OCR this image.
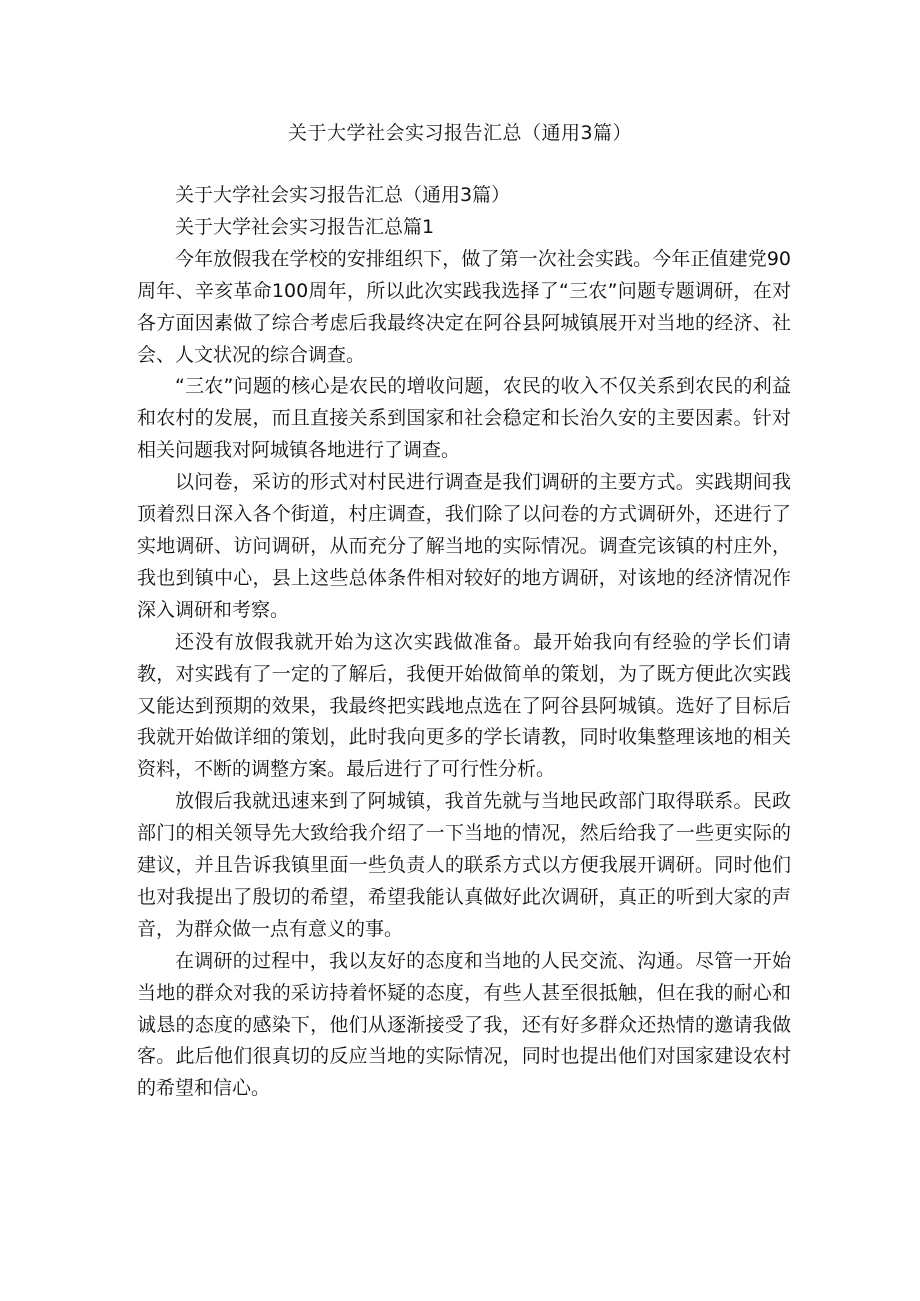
关于大学社会实习报告汇总（通用3篇）

关于大学社会实习报告汇总（通用3篇）

关于大学社会实习报告汇总篇1

今年放假我在学校的安排组织下，做了第一次社会实践。今年正值建党90周年、辛亥革命100周年，所以此次实践我选择了“三农”问题专题调研，在对各方面因素做了综合考虑后我最终决定在阿谷县阿城镇展开对当地的经济、社会、人文状况的综合调查。

“三农”问题的核心是农民的增收问题，农民的收入不仅关系到农民的利益和农村的发展，而且直接关系到国家和社会稳定和长治久安的主要因素。针对相关问题我对阿城镇各地进行了调查。

以问卷，采访的形式对村民进行调查是我们调研的主要方式。实践期间我顶着烈日深入各个街道，村庄调查，我们除了以问卷的方式调研外，还进行了实地调研、访问调研，从而充分了解当地的实际情况。调查完该镇的村庄外，我也到镇中心，县上这些总体条件相对较好的地方调研，对该地的经济情况作深入调研和考察。

还没有放假我就开始为这次实践做准备。最开始我向有经验的学长们请教，对实践有了一定的了解后，我便开始做简单的策划，为了既方便此次实践又能达到预期的效果，我最终把实践地点选在了阿谷县阿城镇。选好了目标后我就开始做详细的策划，此时我向更多的学长请教，同时收集整理该地的相关资料，不断的调整方案。最后进行了可行性分析。

放假后我就迅速来到了阿城镇，我首先就与当地民政部门取得联系。民政部门的相关领导先大致给我介绍了一下当地的情况，然后给我了一些更实际的建议，并且告诉我镇里面一些负责人的联系方式以方便我展开调研。同时他们也对我提出了殷切的希望，希望我能认真做好此次调研，真正的听到大家的声音，为群众做一点有意义的事。

在调研的过程中，我以友好的态度和当地的人民交流、沟通。尽管一开始当地的群众对我的采访持着怀疑的态度，有些人甚至很抵触，但在我的耐心和诚恳的态度的感染下，他们从逐渐接受了我，还有好多群众还热情的邀请我做客。此后他们很真切的反应当地的实际情况，同时也提出他们对国家建设农村的希望和信心。
